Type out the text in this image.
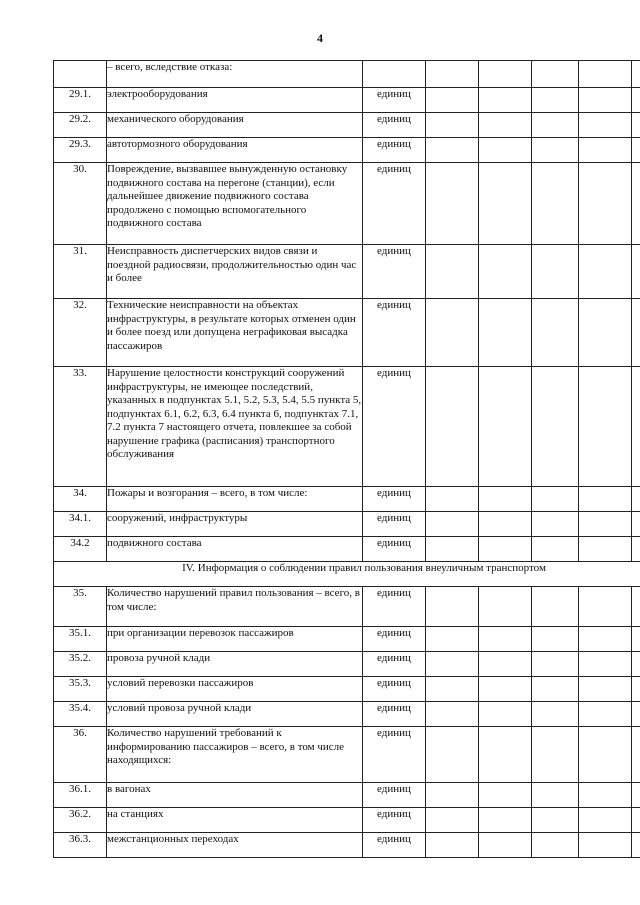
4
	– всего, вследствие отказа:						
29.1.	электрооборудования	единиц					
29.2.	механического оборудования	единиц					
29.3.	автотормозного оборудования	единиц					
30.	Повреждение, вызвавшее вынужденную остановку подвижного состава на перегоне (станции), если дальнейшее движение подвижного состава продолжено с помощью вспомогательного подвижного состава	единиц					
31.	Неисправность диспетчерских видов связи и поездной радиосвязи, продолжительностью один час и более	единиц					
32.	Технические неисправности на объектах инфраструктуры, в результате которых отменен один и более поезд или допущена неграфиковая высадка пассажиров	единиц					
33.	Нарушение целостности конструкций сооружений инфраструктуры, не имеющее последствий, указанных в подпунктах 5.1, 5.2, 5.3, 5.4, 5.5 пункта 5, подпунктах 6.1, 6.2, 6.3, 6.4 пункта 6, подпунктах 7.1, 7.2 пункта 7 настоящего отчета, повлекшее за собой нарушение графика (расписания) транспортного обслуживания	единиц					
34.	Пожары и возгорания – всего, в том числе:	единиц					
34.1.	сооружений, инфраструктуры	единиц					
34.2	подвижного состава	единиц					
IV. Информация о соблюдении правил пользования внеуличным транспортом							
35.	Количество нарушений правил пользования – всего, в том числе:	единиц					
35.1.	при организации перевозок пассажиров	единиц					
35.2.	провоза ручной клади	единиц					
35.3.	условий перевозки пассажиров	единиц					
35.4.	условий провоза ручной клади	единиц					
36.	Количество нарушений требований к информированию пассажиров – всего, в том числе находящихся:	единиц					
36.1.	в вагонах	единиц					
36.2.	на станциях	единиц					
36.3.	межстанционных переходах	единиц					
